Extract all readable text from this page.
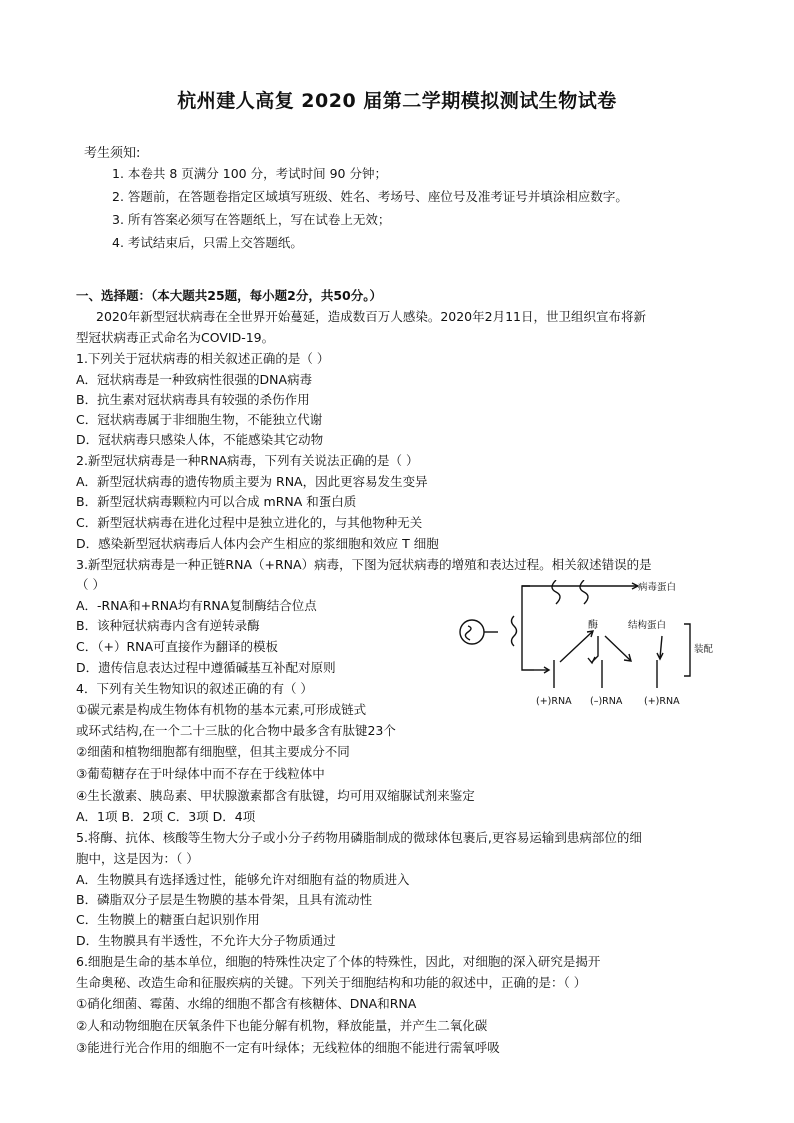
杭州建人高复 2020 届第二学期模拟测试生物试卷
考生须知:
1. 本卷共 8 页满分 100 分，考试时间 90 分钟；
2. 答题前，在答题卷指定区域填写班级、姓名、考场号、座位号及准考证号并填涂相应数字。
3. 所有答案必须写在答题纸上，写在试卷上无效；
4. 考试结束后，只需上交答题纸。
一、选择题：（本大题共25题，每小题2分，共50分。）
2020年新型冠状病毒在全世界开始蔓延，造成数百万人感染。2020年2月11日，世卫组织宣布将新
型冠状病毒正式命名为COVID-19。
1.下列关于冠状病毒的相关叙述正确的是（ ）
A．冠状病毒是一种致病性很强的DNA病毒
B．抗生素对冠状病毒具有较强的杀伤作用
C．冠状病毒属于非细胞生物，不能独立代谢
D．冠状病毒只感染人体，不能感染其它动物
2.新型冠状病毒是一种RNA病毒，下列有关说法正确的是（ ）
A．新型冠状病毒的遗传物质主要为 RNA，因此更容易发生变异
B．新型冠状病毒颗粒内可以合成 mRNA 和蛋白质
C．新型冠状病毒在进化过程中是独立进化的，与其他物种无关
D．感染新型冠状病毒后人体内会产生相应的浆细胞和效应 T 细胞
3.新型冠状病毒是一种正链RNA（+RNA）病毒，下图为冠状病毒的增殖和表达过程。相关叙述错误的是
（ ）
A．-RNA和+RNA均有RNA复制酶结合位点
B．该种冠状病毒内含有逆转录酶
C．（+）RNA可直接作为翻译的模板
D．遗传信息表达过程中遵循碱基互补配对原则
病毒蛋白
酶	结构蛋白
装配
(+)RNA (–)RNA (+)RNA
4．下列有关生物知识的叙述正确的有（ ）
①碳元素是构成生物体有机物的基本元素,可形成链式
或环式结构,在一个二十三肽的化合物中最多含有肽键23个
②细菌和植物细胞都有细胞壁，但其主要成分不同
③葡萄糖存在于叶绿体中而不存在于线粒体中
④生长激素、胰岛素、甲状腺激素都含有肽键，均可用双缩脲试剂来鉴定
A．1项 B．2项 C．3项 D．4项
5.将酶、抗体、核酸等生物大分子或小分子药物用磷脂制成的微球体包裹后,更容易运输到患病部位的细
胞中，这是因为：（ ）
A．生物膜具有选择透过性，能够允许对细胞有益的物质进入
B．磷脂双分子层是生物膜的基本骨架，且具有流动性
C．生物膜上的糖蛋白起识别作用
D．生物膜具有半透性，不允许大分子物质通过
6.细胞是生命的基本单位，细胞的特殊性决定了个体的特殊性，因此，对细胞的深入研究是揭开
生命奥秘、改造生命和征服疾病的关键。下列关于细胞结构和功能的叙述中，正确的是：（ ）
①硝化细菌、霉菌、水绵的细胞不都含有核糖体、DNA和RNA
②人和动物细胞在厌氧条件下也能分解有机物，释放能量，并产生二氧化碳
③能进行光合作用的细胞不一定有叶绿体；无线粒体的细胞不能进行需氧呼吸
